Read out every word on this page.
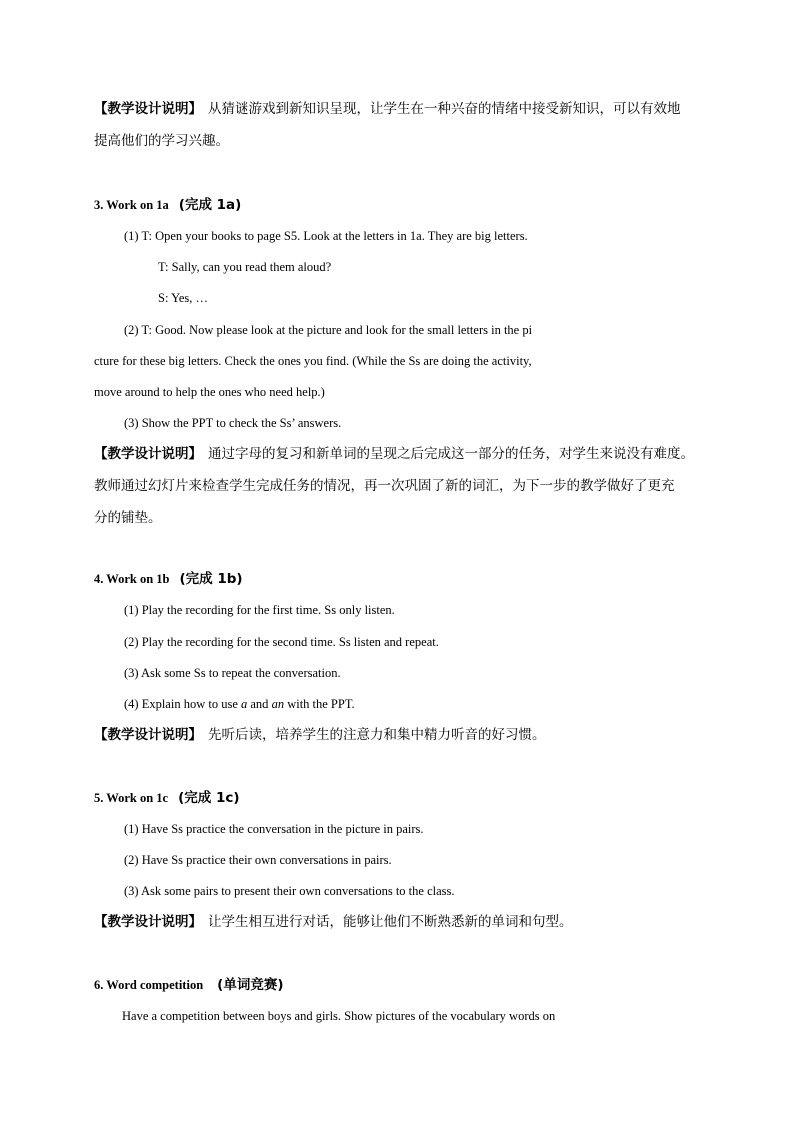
【教学设计说明】 从猜谜游戏到新知识呈现，让学生在一种兴奋的情绪中接受新知识，可以有效地
提高他们的学习兴趣。
3. Work on 1a (完成 1a)
(1) T: Open your books to page S5. Look at the letters in 1a. They are big letters.
T: Sally, can you read them aloud?
S: Yes, …
(2) T: Good. Now please look at the picture and look for the small letters in the pi
cture for these big letters. Check the ones you find. (While the Ss are doing the activity,
move around to help the ones who need help.)
(3) Show the PPT to check the Ss’ answers.
【教学设计说明】 通过字母的复习和新单词的呈现之后完成这一部分的任务，对学生来说没有难度。
教师通过幻灯片来检查学生完成任务的情况，再一次巩固了新的词汇，为下一步的教学做好了更充
分的铺垫。
4. Work on 1b (完成 1b)
(1) Play the recording for the first time. Ss only listen.
(2) Play the recording for the second time. Ss listen and repeat.
(3) Ask some Ss to repeat the conversation.
(4) Explain how to use a and an with the PPT.
【教学设计说明】 先听后读，培养学生的注意力和集中精力听音的好习惯。
5. Work on 1c (完成 1c)
(1) Have Ss practice the conversation in the picture in pairs.
(2) Have Ss practice their own conversations in pairs.
(3) Ask some pairs to present their own conversations to the class.
【教学设计说明】 让学生相互进行对话，能够让他们不断熟悉新的单词和句型。
6. Word competition (单词竞赛)
Have a competition between boys and girls. Show pictures of the vocabulary words on
